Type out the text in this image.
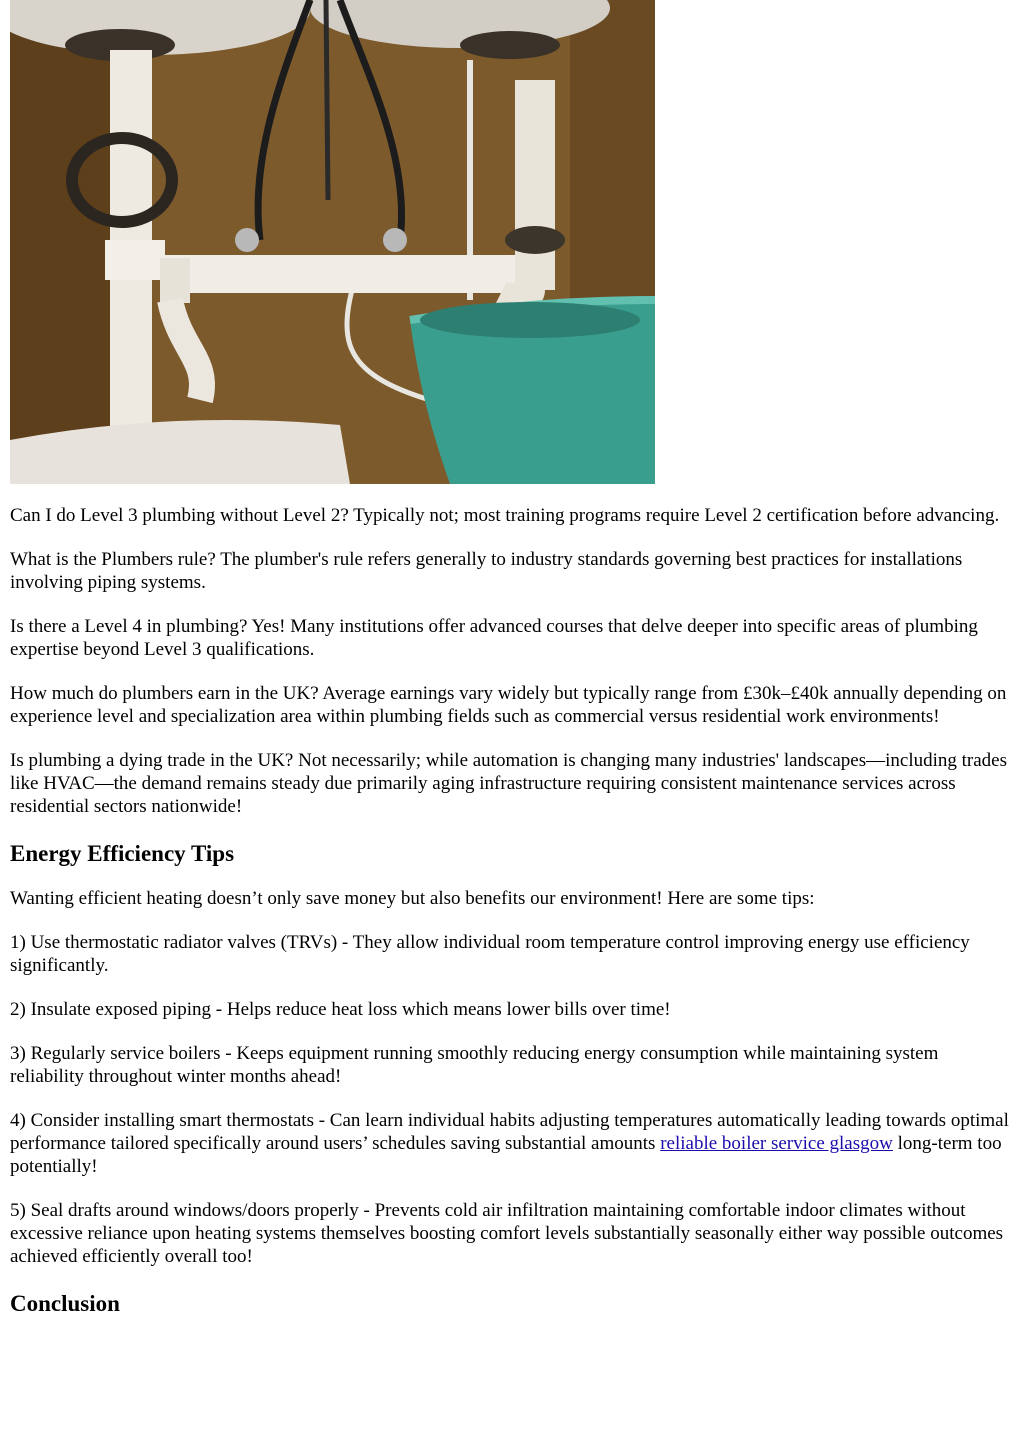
Can I do Level 3 plumbing without Level 2? Typically not; most training programs require Level 2 certification before advancing.

What is the Plumbers rule? The plumber's rule refers generally to industry standards governing best practices for installations involving piping systems.

Is there a Level 4 in plumbing? Yes! Many institutions offer advanced courses that delve deeper into specific areas of plumbing expertise beyond Level 3 qualifications.

How much do plumbers earn in the UK? Average earnings vary widely but typically range from £30k–£40k annually depending on experience level and specialization area within plumbing fields such as commercial versus residential work environments!

Is plumbing a dying trade in the UK? Not necessarily; while automation is changing many industries' landscapes—including trades like HVAC—the demand remains steady due primarily aging infrastructure requiring consistent maintenance services across residential sectors nationwide!

Energy Efficiency Tips

Wanting efficient heating doesn’t only save money but also benefits our environment! Here are some tips:

1) Use thermostatic radiator valves (TRVs) - They allow individual room temperature control improving energy use efficiency significantly.

2) Insulate exposed piping - Helps reduce heat loss which means lower bills over time!

3) Regularly service boilers - Keeps equipment running smoothly reducing energy consumption while maintaining system reliability throughout winter months ahead!

4) Consider installing smart thermostats - Can learn individual habits adjusting temperatures automatically leading towards optimal performance tailored specifically around users’ schedules saving substantial amounts reliable boiler service glasgow long-term too potentially!

5) Seal drafts around windows/doors properly - Prevents cold air infiltration maintaining comfortable indoor climates without excessive reliance upon heating systems themselves boosting comfort levels substantially seasonally either way possible outcomes achieved efficiently overall too!

Conclusion
